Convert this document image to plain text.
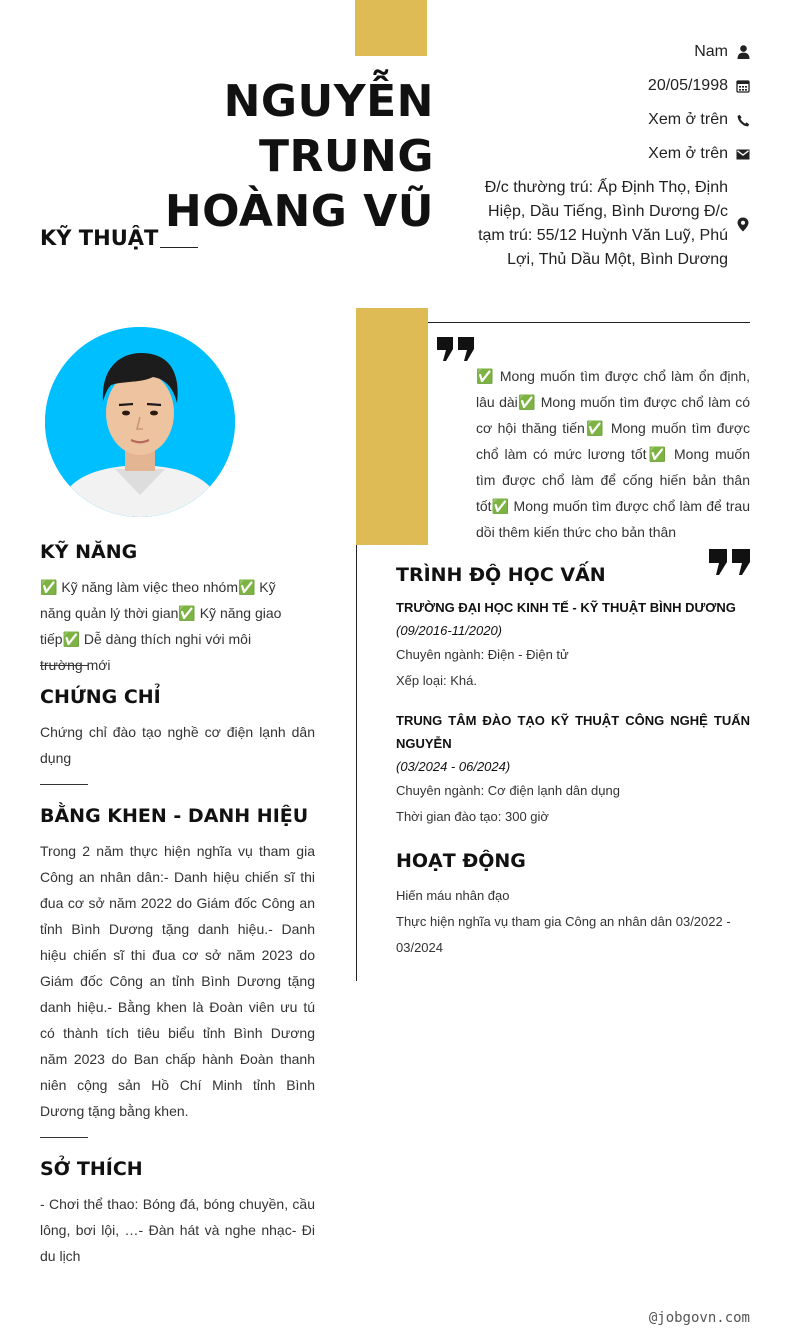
NGUYỄN TRUNG
HOÀNG VŨ
KỸ THUẬT
Nam
20/05/1998
Xem ở trên
Xem ở trên
Đ/c thường trú: Ấp Định Thọ, Định Hiệp, Dầu Tiếng, Bình Dương Đ/c tạm trú: 55/12 Huỳnh Văn Luỹ, Phú Lợi, Thủ Dầu Một, Bình Dương
✅ Mong muốn tìm được chổ làm ổn định, lâu dài✅ Mong muốn tìm được chổ làm có cơ hội thăng tiến✅ Mong muốn tìm được chổ làm có mức lương tốt✅ Mong muốn tìm được chổ làm để cống hiến bản thân tốt✅ Mong muốn tìm được chổ làm để trau dồi thêm kiến thức cho bản thân
KỸ NĂNG
✅ Kỹ năng làm việc theo nhóm✅ Kỹ năng quản lý thời gian✅ Kỹ năng giao tiếp✅ Dễ dàng thích nghi với môi trường mới
CHỨNG CHỈ
Chứng chỉ đào tạo nghề cơ điện lạnh dân dụng
BẰNG KHEN - DANH HIỆU
Trong 2 năm thực hiện nghĩa vụ tham gia Công an nhân dân:- Danh hiệu chiến sĩ thi đua cơ sở năm 2022 do Giám đốc Công an tỉnh Bình Dương tặng danh hiệu.- Danh hiệu chiến sĩ thi đua cơ sở năm 2023 do Giám đốc Công an tỉnh Bình Dương tặng danh hiệu.- Bằng khen là Đoàn viên ưu tú có thành tích tiêu biểu tỉnh Bình Dương năm 2023 do Ban chấp hành Đoàn thanh niên cộng sản Hồ Chí Minh tỉnh Bình Dương tặng bằng khen.
SỞ THÍCH
- Chơi thể thao: Bóng đá, bóng chuyền, cầu lông, bơi lội, …- Đàn hát và nghe nhạc- Đi du lịch
TRÌNH ĐỘ HỌC VẤN
TRƯỜNG ĐẠI HỌC KINH TẾ - KỸ THUẬT BÌNH DƯƠNG
(09/2016-11/2020)
Chuyên ngành: Điện - Điện tử
Xếp loại: Khá.
TRUNG TÂM ĐÀO TẠO KỸ THUẬT CÔNG NGHỆ TUẤN NGUYỄN
(03/2024 - 06/2024)
Chuyên ngành: Cơ điện lạnh dân dụng
Thời gian đào tạo: 300 giờ
HOẠT ĐỘNG
Hiến máu nhân đạo
Thực hiện nghĩa vụ tham gia Công an nhân dân 03/2022 - 03/2024
@jobgovn.com
